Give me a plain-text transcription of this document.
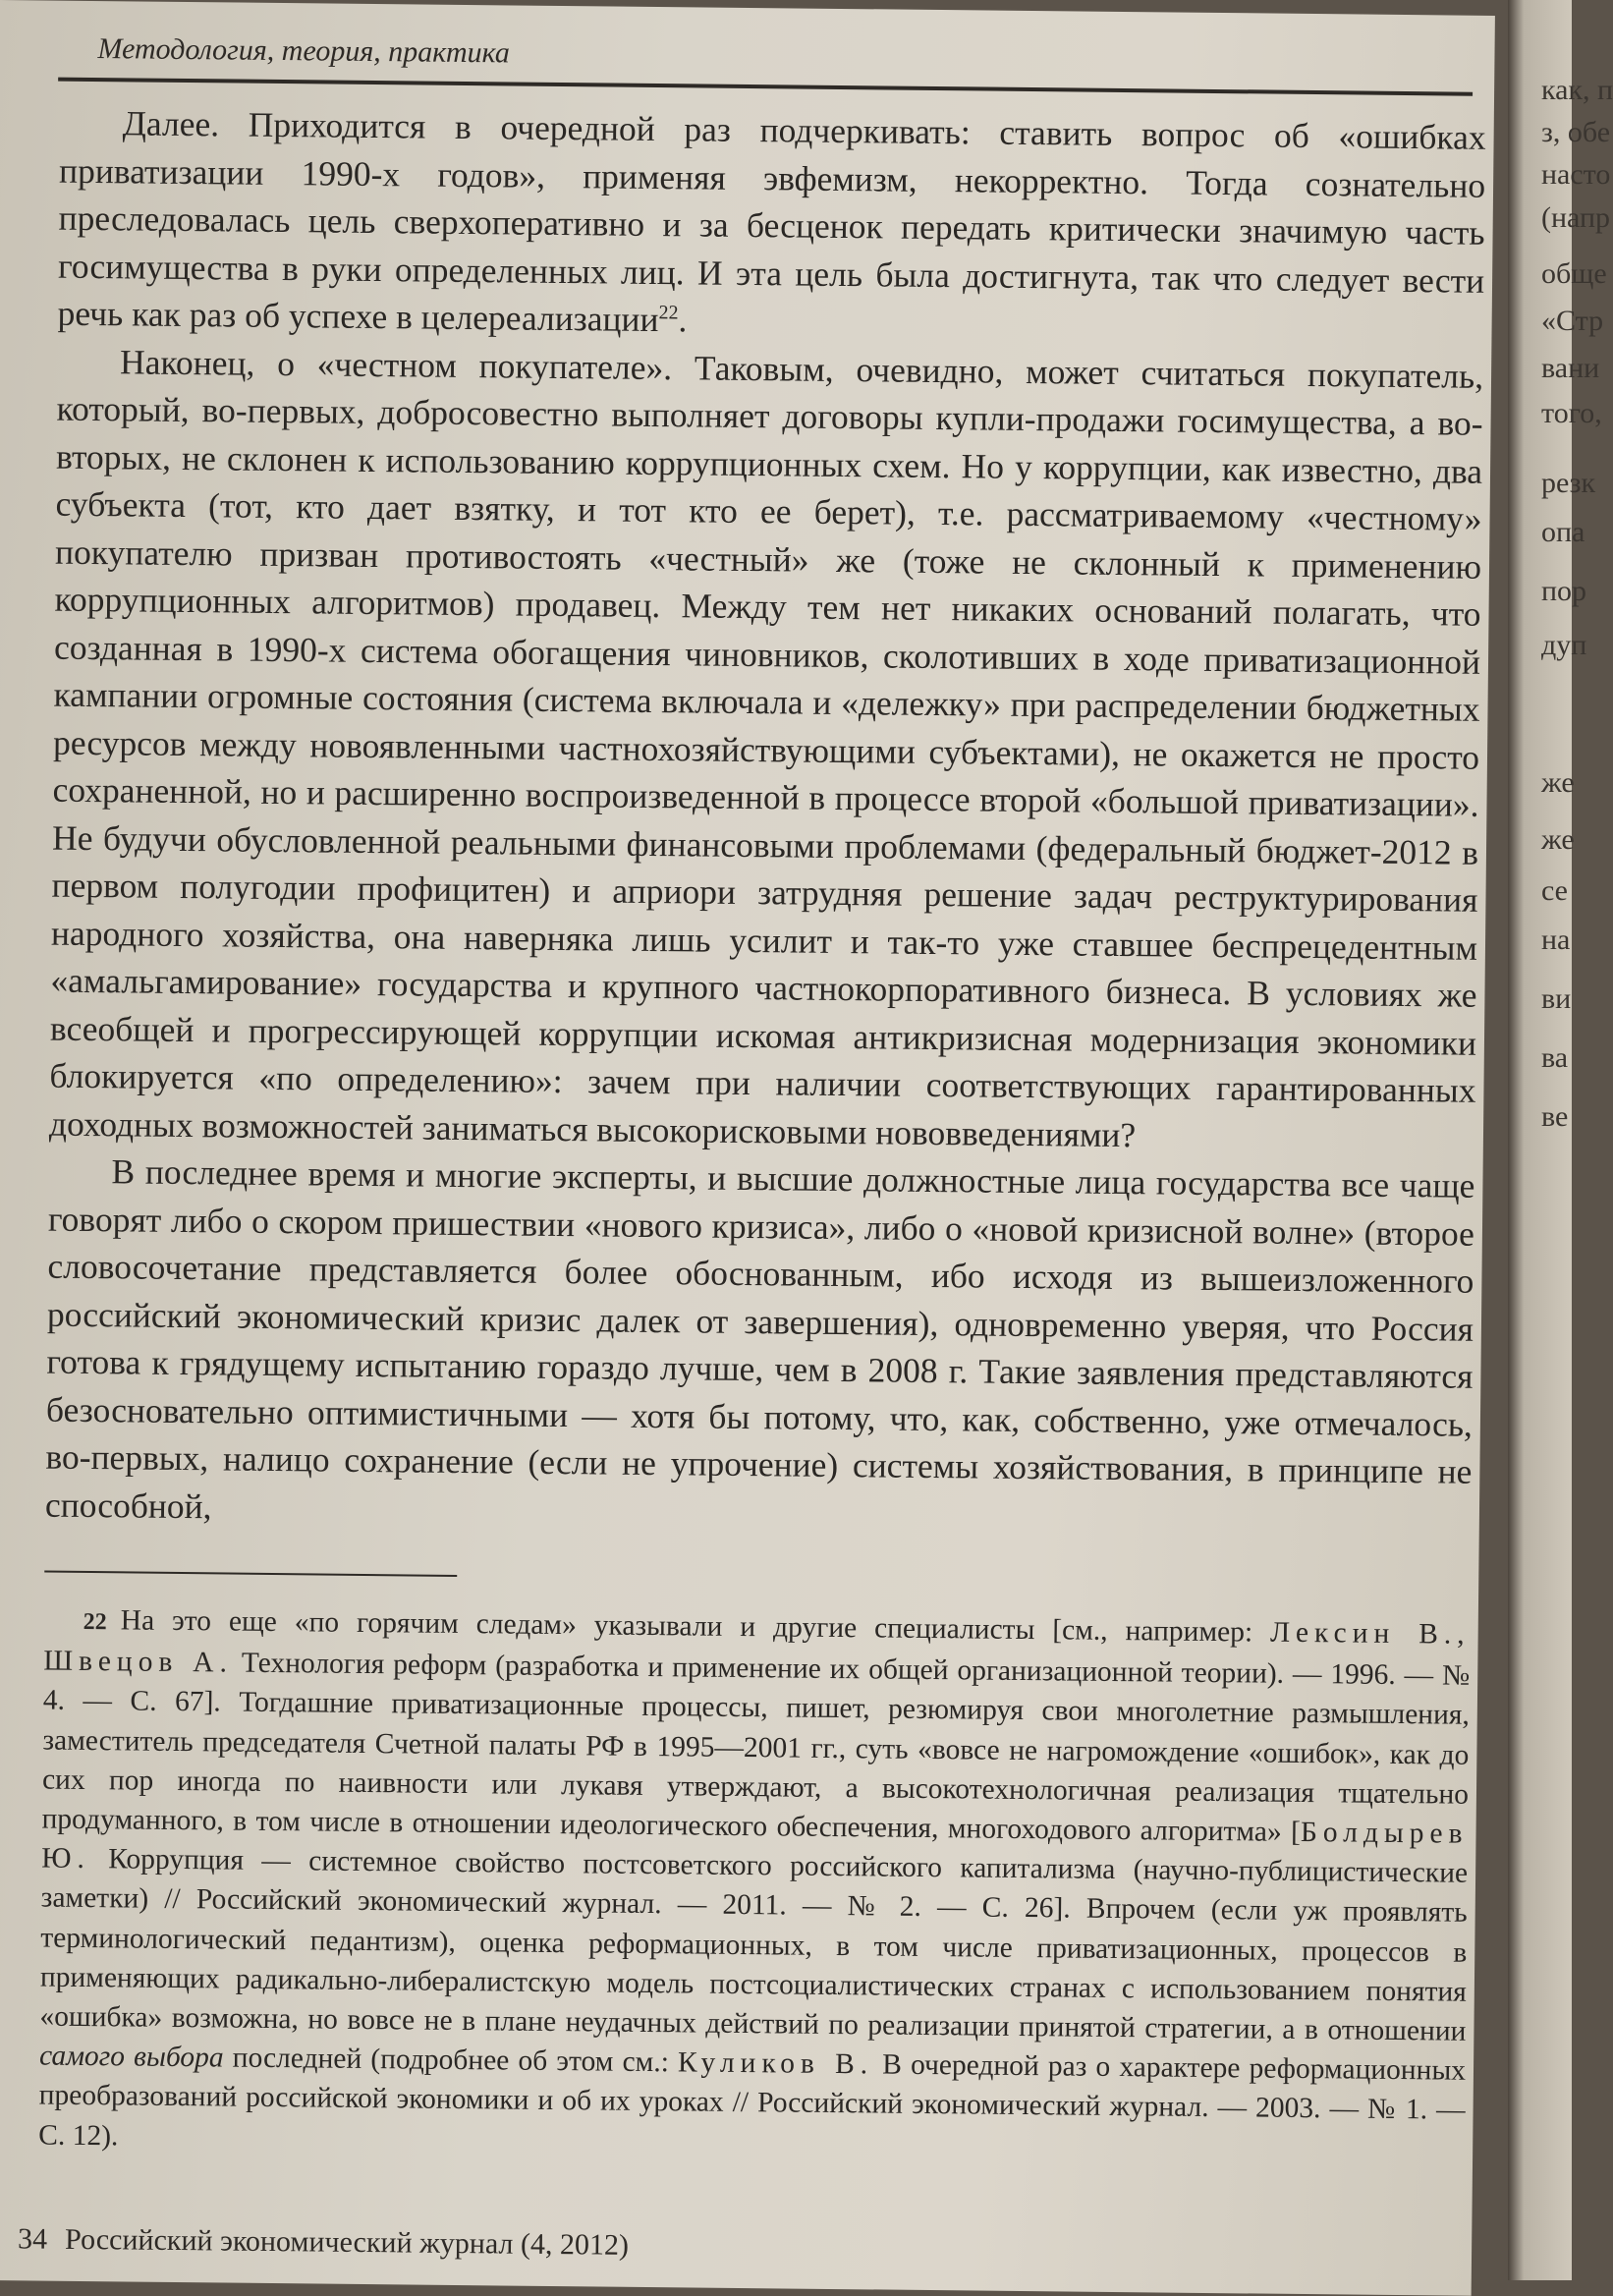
Методология, теория, практика

Далее. Приходится в очередной раз подчеркивать: ставить вопрос об «ошибках приватизации 1990-х годов», применяя эвфемизм, некорректно. Тогда сознательно преследовалась цель сверхоперативно и за бесценок передать критически значимую часть госимущества в руки определенных лиц. И эта цель была достигнута, так что следует вести речь как раз об успехе в целереализации$^{22}$.

Наконец, о «честном покупателе». Таковым, очевидно, может считаться покупатель, который, во-первых, добросовестно выполняет договоры купли-продажи госимущества, а во-вторых, не склонен к использованию коррупционных схем. Но у коррупции, как известно, два субъекта (тот, кто дает взятку, и тот кто ее берет), т.е. рассматриваемому «честному» покупателю призван противостоять «честный» же (тоже не склонный к применению коррупционных алгоритмов) продавец. Между тем нет никаких оснований полагать, что созданная в 1990-х система обогащения чиновников, сколотивших в ходе приватизационной кампании огромные состояния (система включала и «дележку» при распределении бюджетных ресурсов между новоявленными частнохозяйствующими субъектами), не окажется не просто сохраненной, но и расширенно воспроизведенной в процессе второй «большой приватизации». Не будучи обусловленной реальными финансовыми проблемами (федеральный бюджет-2012 в первом полугодии профицитен) и априори затрудняя решение задач реструктурирования народного хозяйства, она наверняка лишь усилит и так-то уже ставшее беспрецедентным «амальгамирование» государства и крупного частнокорпоративного бизнеса. В условиях же всеобщей и прогрессирующей коррупции искомая антикризисная модернизация экономики блокируется «по определению»: зачем при наличии соответствующих гарантированных доходных возможностей заниматься высокорисковыми нововведениями?

В последнее время и многие эксперты, и высшие должностные лица государства все чаще говорят либо о скором пришествии «нового кризиса», либо о «новой кризисной волне» (второе словосочетание представляется более обоснованным, ибо исходя из вышеизложенного российский экономический кризис далек от завершения), одновременно уверяя, что Россия готова к грядущему испытанию гораздо лучше, чем в 2008 г. Такие заявления представляются безосновательно оптимистичными — хотя бы потому, что, как, собственно, уже отмечалось, во-первых, налицо сохранение (если не упрочение) системы хозяйствования, в принципе не способной,

22 На это еще «по горячим следам» указывали и другие специалисты [см., например: Лексин В., Швецов А. Технология реформ (разработка и применение их общей организационной теории). — 1996. — № 4. — С. 67]. Тогдашние приватизационные процессы, пишет, резюмируя свои многолетние размышления, заместитель председателя Счетной палаты РФ в 1995—2001 гг., суть «вовсе не нагромождение «ошибок», как до сих пор иногда по наивности или лукавя утверждают, а высокотехнологичная реализация тщательно продуманного, в том числе в отношении идеологического обеспечения, многоходового алгоритма» [Болдырев Ю. Коррупция — системное свойство постсоветского российского капитализма (научно-публицистические заметки) // Российский экономический журнал. — 2011. — № 2. — С. 26]. Впрочем (если уж проявлять терминологический педантизм), оценка реформационных, в том числе приватизационных, процессов в применяющих радикально-либералистскую модель постсоциалистических странах с использованием понятия «ошибка» возможна, но вовсе не в плане неудачных действий по реализации принятой стратегии, а в отношении самого выбора последней (подробнее об этом см.: Куликов В. В очередной раз о характере реформационных преобразований российской экономики и об их уроках // Российский экономический журнал. — 2003. — № 1. — С. 12).

34 Российский экономический журнал (4, 2012)
как, п
з, обе
насто
(напр
обще
«Стр
вани
того,
резк
опа
пор
дуп
же
же
се
на
ви
ва
ве
